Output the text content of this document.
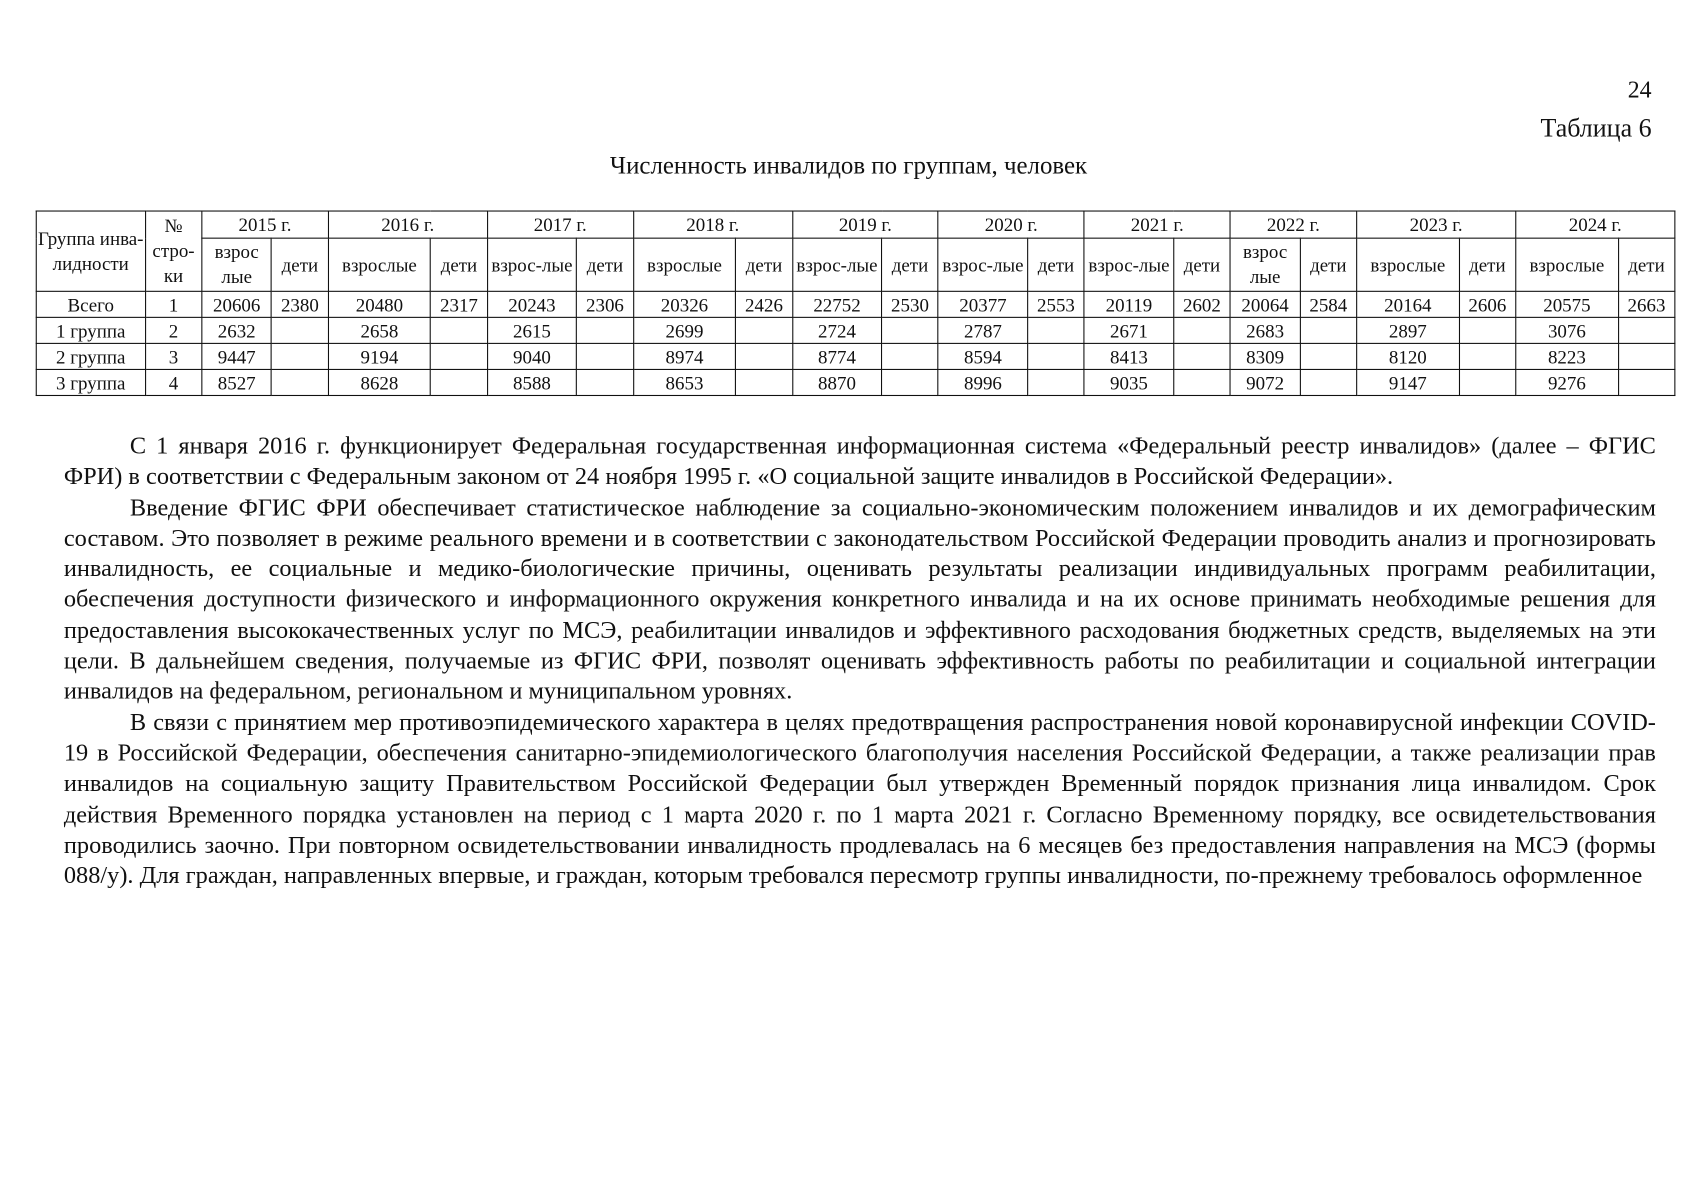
24
Таблица 6
Численность инвалидов по группам, человек
Группа инва-лидности	№ стро-ки	2015 г.		2016 г.		2017 г.		2018 г.		2019 г.		2020 г.		2021 г.		2022 г.		2023 г.		2024 г.	
		взрос лые	дети	взрослые	дети	взрос-лые	дети	взрослые	дети	взрос-лые	дети	взрос-лые	дети	взрос-лые	дети	взрос лые	дети	взрослые	дети	взрослые	дети
Всего	1	20606	2380	20480	2317	20243	2306	20326	2426	22752	2530	20377	2553	20119	2602	20064	2584	20164	2606	20575	2663
1 группа	2	2632		2658		2615		2699		2724		2787		2671		2683		2897		3076	
2 группа	3	9447		9194		9040		8974		8774		8594		8413		8309		8120		8223	
3 группа	4	8527		8628		8588		8653		8870		8996		9035		9072		9147		9276	

С 1 января 2016 г. функционирует Федеральная государственная информационная система «Федеральный реестр инвалидов» (далее – ФГИС ФРИ) в соответствии с Федеральным законом от 24 ноября 1995 г. «О социальной защите инвалидов в Российской Федерации».

Введение ФГИС ФРИ обеспечивает статистическое наблюдение за социально-экономическим положением инвалидов и их демографическим составом. Это позволяет в режиме реального времени и в соответствии с законодательством Российской Федерации проводить анализ и прогнозировать инвалидность, ее социальные и медико-биологические причины, оценивать результаты реализации индивидуальных программ реабилитации, обеспечения доступности физического и информационного окружения конкретного инвалида и на их основе принимать необходимые решения для предоставления высококачественных услуг по МСЭ, реабилитации инвалидов и эффективного расходования бюджетных средств, выделяемых на эти цели. В дальнейшем сведения, получаемые из ФГИС ФРИ, позволят оценивать эффективность работы по реабилитации и социальной интеграции инвалидов на федеральном, региональном и муниципальном уровнях.

В связи с принятием мер противоэпидемического характера в целях предотвращения распространения новой коронавирусной инфекции COVID-19 в Российской Федерации, обеспечения санитарно-эпидемиологического благополучия населения Российской Федерации, а также реализации прав инвалидов на социальную защиту Правительством Российской Федерации был утвержден Временный порядок признания лица инвалидом. Срок действия Временного порядка установлен на период с 1 марта 2020 г. по 1 марта 2021 г. Согласно Временному порядку, все освидетельствования проводились заочно. При повторном освидетельствовании инвалидность продлевалась на 6 месяцев без предоставления направления на МСЭ (формы 088/у). Для граждан, направленных впервые, и граждан, которым требовался пересмотр группы инвалидности, по-прежнему требовалось оформленное
